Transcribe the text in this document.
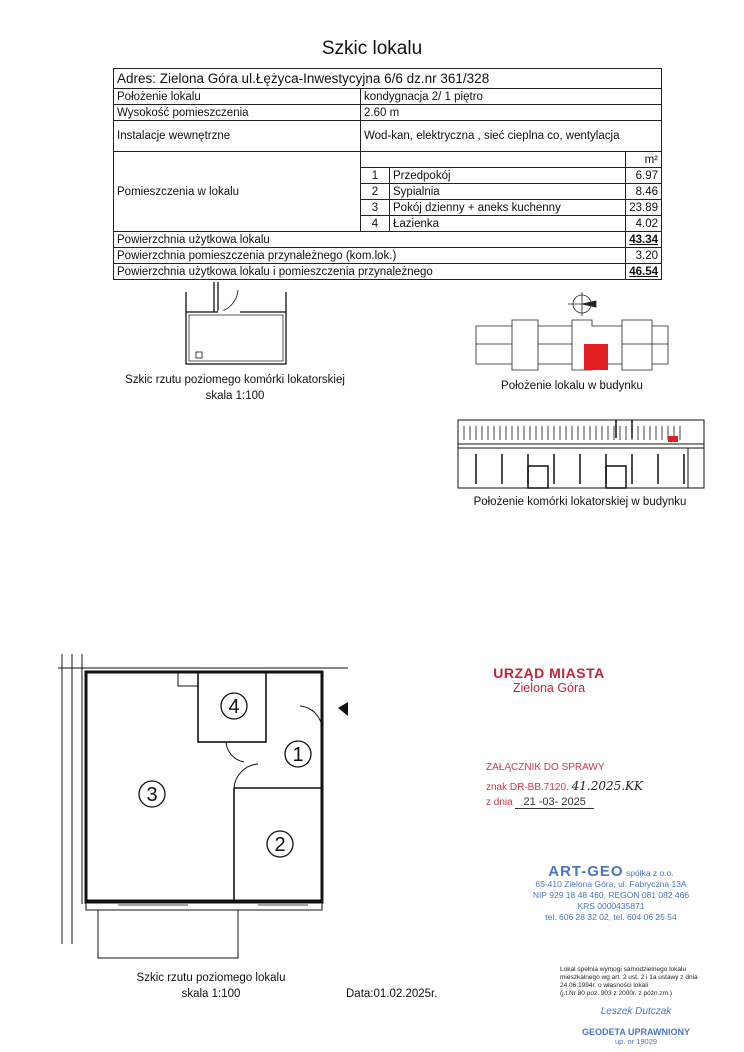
Szkic lokalu
Adres: Zielona Góra ul.Łężyca-Inwestycyjna 6/6 dz.nr 361/328			
Położenie lokalu	kondygnacja 2/ 1 piętro		
Wysokość pomieszczenia	2.60 m		
Instalacje wewnętrzne	Wod-kan, elektryczna , sieć cieplna co, wentylacja		
Pomieszczenia w lokalu			m²
	1	Przedpokój	6.97
	2	Sypialnia	8.46
	3	Pokój dzienny + aneks kuchenny	23.89
	4	Łazienka	4.02
Powierzchnia użytkowa lokalu			43.34
Powierzchnia pomieszczenia przynależnego (kom.lok.)			3.20
Powierzchnia użytkowa lokalu i pomieszczenia przynależnego			46.54
Szkic rzutu poziomego komórki lokatorskiej
skala 1:100
Położenie lokalu w budynku
Położenie komórki lokatorskiej w budynku
4
1
3
2
Szkic rzutu poziomego lokalu
skala 1:100	Data:01.02.2025r.
URZĄD MIASTA
Zielona Góra
ZAŁĄCZNIK DO SPRAWY
znak DR-BB.7120. 41.2025.KK
z dnia 21 -03- 2025
ART-GEO spółka z o.o.
65-410 Zielona Góra, ul. Fabryczna 13A
NIP 929 18 48 460, REGON 081 082 466
KRS 0000435871
tel. 606 28 32 02, tel. 604 06 25 54
Lokal spełnia wymogi samodzielnego lokalu
mieszkalnego wg art. 2 ust. 2 i 1a ustawy z dnia
24.06.1994r. o własności lokali
(j.t.Nr 80 poz. 903 z 2000r. z późn.zm.)
Leszek Dutczak
GEODETA UPRAWNIONY
up. nr 19029
